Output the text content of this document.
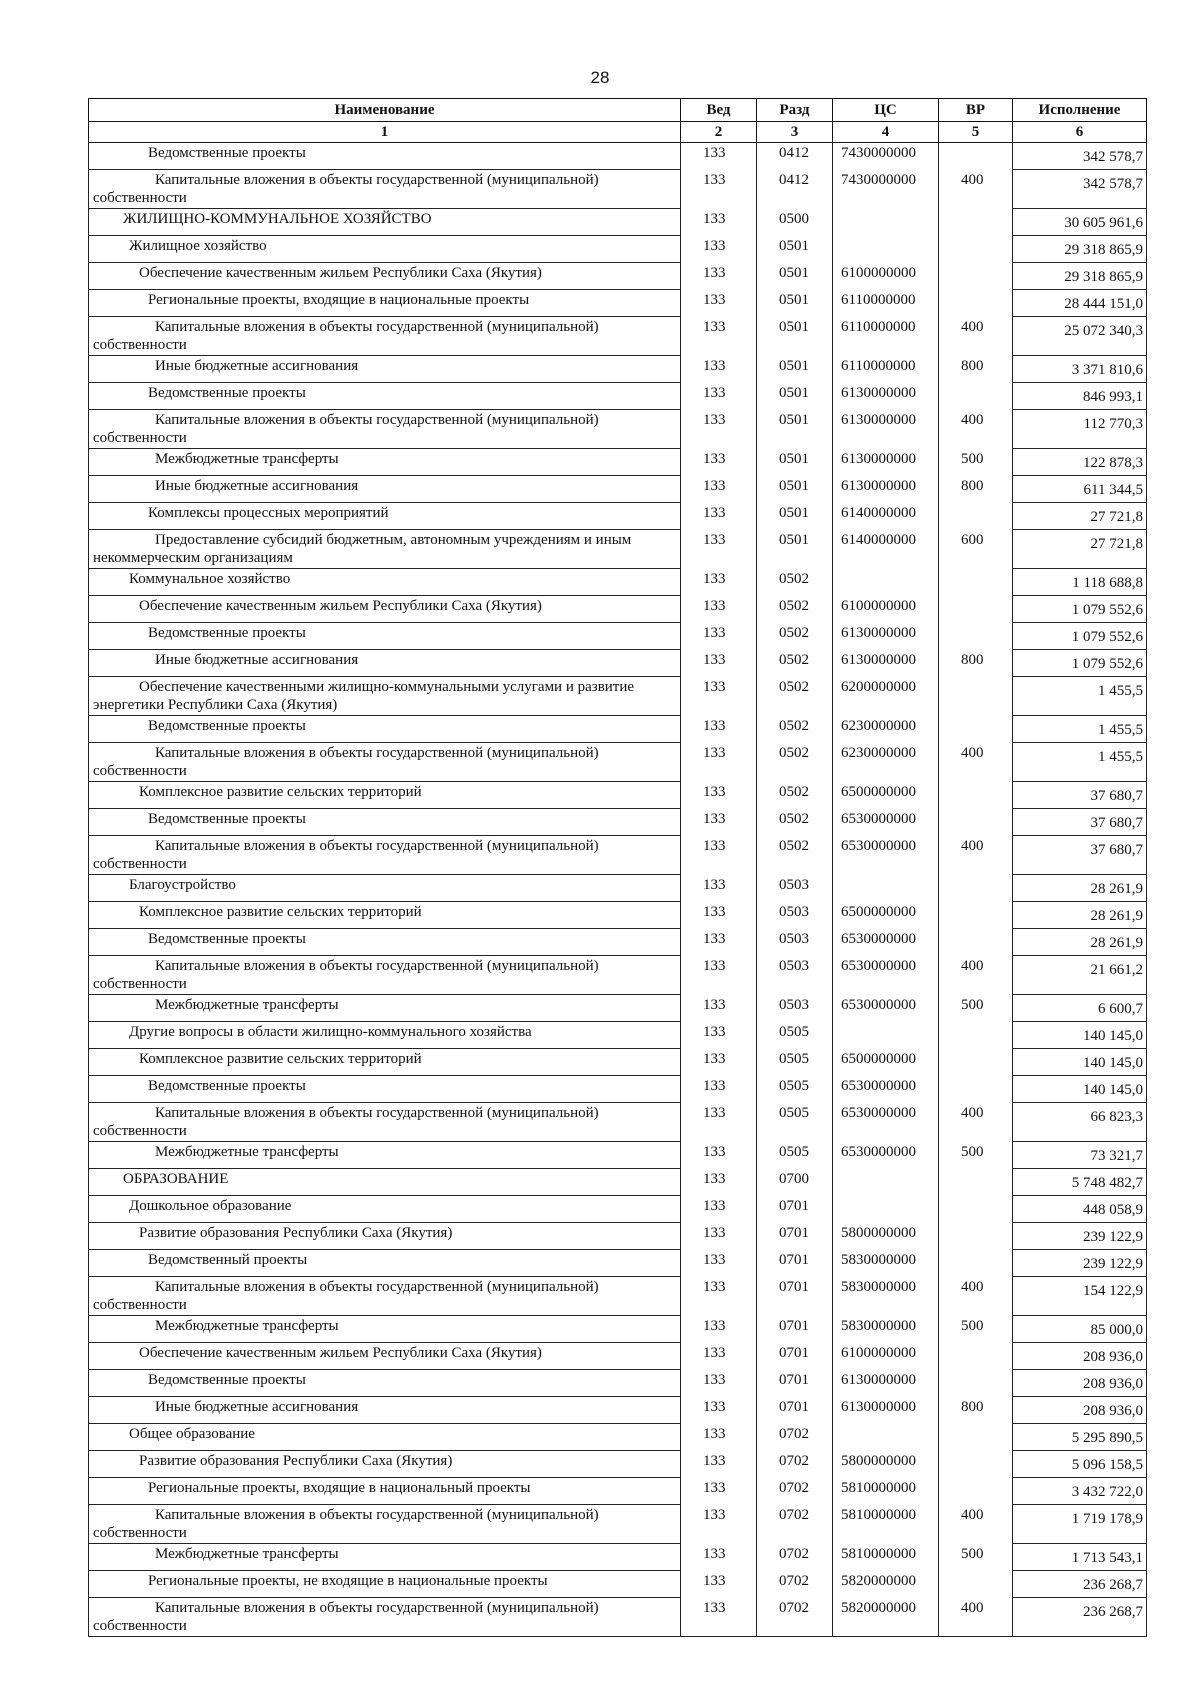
28
Наименование	Вед	Разд	ЦС	ВР	Исполнение
1	2	3	4	5	6

Ведомственные проекты	133	0412	7430000000		342 578,7

Капитальные вложения в объекты государственной (муниципальной) собственности	133	0412	7430000000	400	342 578,7

ЖИЛИЩНО-КОММУНАЛЬНОЕ ХОЗЯЙСТВО	133	0500			30 605 961,6

Жилищное хозяйство	133	0501			29 318 865,9

Обеспечение качественным жильем Республики Саха (Якутия)	133	0501	6100000000		29 318 865,9

Региональные проекты, входящие в национальные проекты	133	0501	6110000000		28 444 151,0

Капитальные вложения в объекты государственной (муниципальной) собственности	133	0501	6110000000	400	25 072 340,3

Иные бюджетные ассигнования	133	0501	6110000000	800	3 371 810,6

Ведомственные проекты	133	0501	6130000000		846 993,1

Капитальные вложения в объекты государственной (муниципальной) собственности	133	0501	6130000000	400	112 770,3

Межбюджетные трансферты	133	0501	6130000000	500	122 878,3

Иные бюджетные ассигнования	133	0501	6130000000	800	611 344,5

Комплексы процессных мероприятий	133	0501	6140000000		27 721,8

Предоставление субсидий бюджетным, автономным учреждениям и иным некоммерческим организациям	133	0501	6140000000	600	27 721,8

Коммунальное хозяйство	133	0502			1 118 688,8

Обеспечение качественным жильем Республики Саха (Якутия)	133	0502	6100000000		1 079 552,6

Ведомственные проекты	133	0502	6130000000		1 079 552,6

Иные бюджетные ассигнования	133	0502	6130000000	800	1 079 552,6

Обеспечение качественными жилищно-коммунальными услугами и развитие энергетики Республики Саха (Якутия)	133	0502	6200000000		1 455,5

Ведомственные проекты	133	0502	6230000000		1 455,5

Капитальные вложения в объекты государственной (муниципальной) собственности	133	0502	6230000000	400	1 455,5

Комплексное развитие сельских территорий	133	0502	6500000000		37 680,7

Ведомственные проекты	133	0502	6530000000		37 680,7

Капитальные вложения в объекты государственной (муниципальной) собственности	133	0502	6530000000	400	37 680,7

Благоустройство	133	0503			28 261,9

Комплексное развитие сельских территорий	133	0503	6500000000		28 261,9

Ведомственные проекты	133	0503	6530000000		28 261,9

Капитальные вложения в объекты государственной (муниципальной) собственности	133	0503	6530000000	400	21 661,2

Межбюджетные трансферты	133	0503	6530000000	500	6 600,7

Другие вопросы в области жилищно-коммунального хозяйства	133	0505			140 145,0

Комплексное развитие сельских территорий	133	0505	6500000000		140 145,0

Ведомственные проекты	133	0505	6530000000		140 145,0

Капитальные вложения в объекты государственной (муниципальной) собственности	133	0505	6530000000	400	66 823,3

Межбюджетные трансферты	133	0505	6530000000	500	73 321,7

ОБРАЗОВАНИЕ	133	0700			5 748 482,7

Дошкольное образование	133	0701			448 058,9

Развитие образования Республики Саха (Якутия)	133	0701	5800000000		239 122,9

Ведомственный проекты	133	0701	5830000000		239 122,9

Капитальные вложения в объекты государственной (муниципальной) собственности	133	0701	5830000000	400	154 122,9

Межбюджетные трансферты	133	0701	5830000000	500	85 000,0

Обеспечение качественным жильем Республики Саха (Якутия)	133	0701	6100000000		208 936,0

Ведомственные проекты	133	0701	6130000000		208 936,0

Иные бюджетные ассигнования	133	0701	6130000000	800	208 936,0

Общее образование	133	0702			5 295 890,5

Развитие образования Республики Саха (Якутия)	133	0702	5800000000		5 096 158,5

Региональные проекты, входящие в национальный проекты	133	0702	5810000000		3 432 722,0

Капитальные вложения в объекты государственной (муниципальной) собственности	133	0702	5810000000	400	1 719 178,9

Межбюджетные трансферты	133	0702	5810000000	500	1 713 543,1

Региональные проекты, не входящие в национальные проекты	133	0702	5820000000		236 268,7

Капитальные вложения в объекты государственной (муниципальной) собственности	133	0702	5820000000	400	236 268,7
